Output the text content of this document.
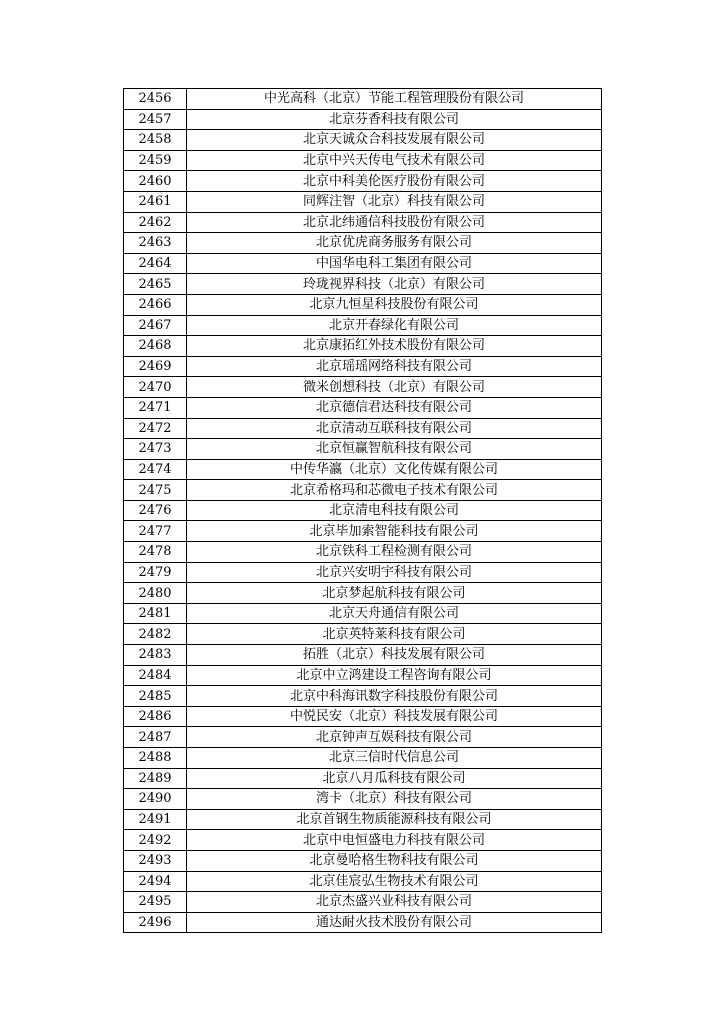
2456	中光高科（北京）节能工程管理股份有限公司
2457	北京芬香科技有限公司
2458	北京天诚众合科技发展有限公司
2459	北京中兴天传电气技术有限公司
2460	北京中科美伦医疗股份有限公司
2461	同辉注智（北京）科技有限公司
2462	北京北纬通信科技股份有限公司
2463	北京优虎商务服务有限公司
2464	中国华电科工集团有限公司
2465	玲珑视界科技（北京）有限公司
2466	北京九恒星科技股份有限公司
2467	北京开春绿化有限公司
2468	北京康拓红外技术股份有限公司
2469	北京瑶瑶网络科技有限公司
2470	微米创想科技（北京）有限公司
2471	北京德信君达科技有限公司
2472	北京清动互联科技有限公司
2473	北京恒赢智航科技有限公司
2474	中传华瀛（北京）文化传媒有限公司
2475	北京希格玛和芯微电子技术有限公司
2476	北京清电科技有限公司
2477	北京毕加索智能科技有限公司
2478	北京铁科工程检测有限公司
2479	北京兴安明宇科技有限公司
2480	北京梦起航科技有限公司
2481	北京天舟通信有限公司
2482	北京英特莱科技有限公司
2483	拓胜（北京）科技发展有限公司
2484	北京中立鸿建设工程咨询有限公司
2485	北京中科海讯数字科技股份有限公司
2486	中悦民安（北京）科技发展有限公司
2487	北京钟声互娱科技有限公司
2488	北京三信时代信息公司
2489	北京八月瓜科技有限公司
2490	湾卡（北京）科技有限公司
2491	北京首钢生物质能源科技有限公司
2492	北京中电恒盛电力科技有限公司
2493	北京曼哈格生物科技有限公司
2494	北京佳宸弘生物技术有限公司
2495	北京杰盛兴业科技有限公司
2496	通达耐火技术股份有限公司
